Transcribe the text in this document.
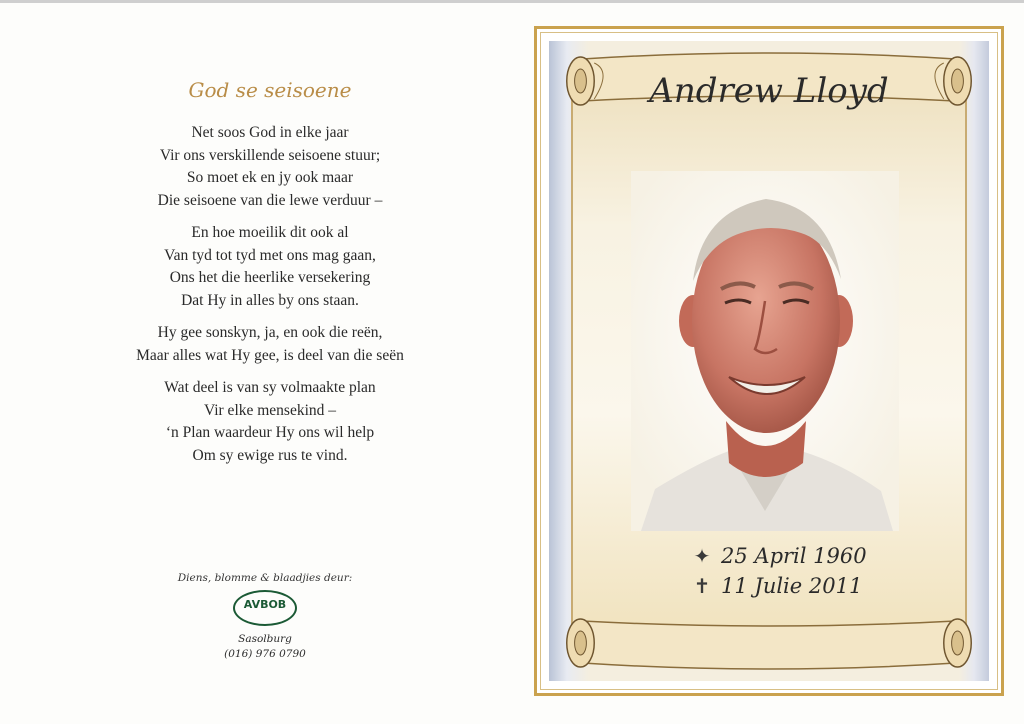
God se seisoene
Net soos God in elke jaar
Vir ons verskillende seisoene stuur;
So moet ek en jy ook maar
Die seisoene van die lewe verduur –
En hoe moeilik dit ook al
Van tyd tot tyd met ons mag gaan,
Ons het die heerlike versekering
Dat Hy in alles by ons staan.
Hy gee sonskyn, ja, en ook die reën,
Maar alles wat Hy gee, is deel van die seën
Wat deel is van sy volmaakte plan
Vir elke mensekind –
‘n Plan waardeur Hy ons wil help
Om sy ewige rus te vind.
Diens, blomme & blaadjies deur:
AVBOB
Sasolburg
(016) 976 0790
Andrew Lloyd
✦ 25 April 1960
✝ 11 Julie 2011
